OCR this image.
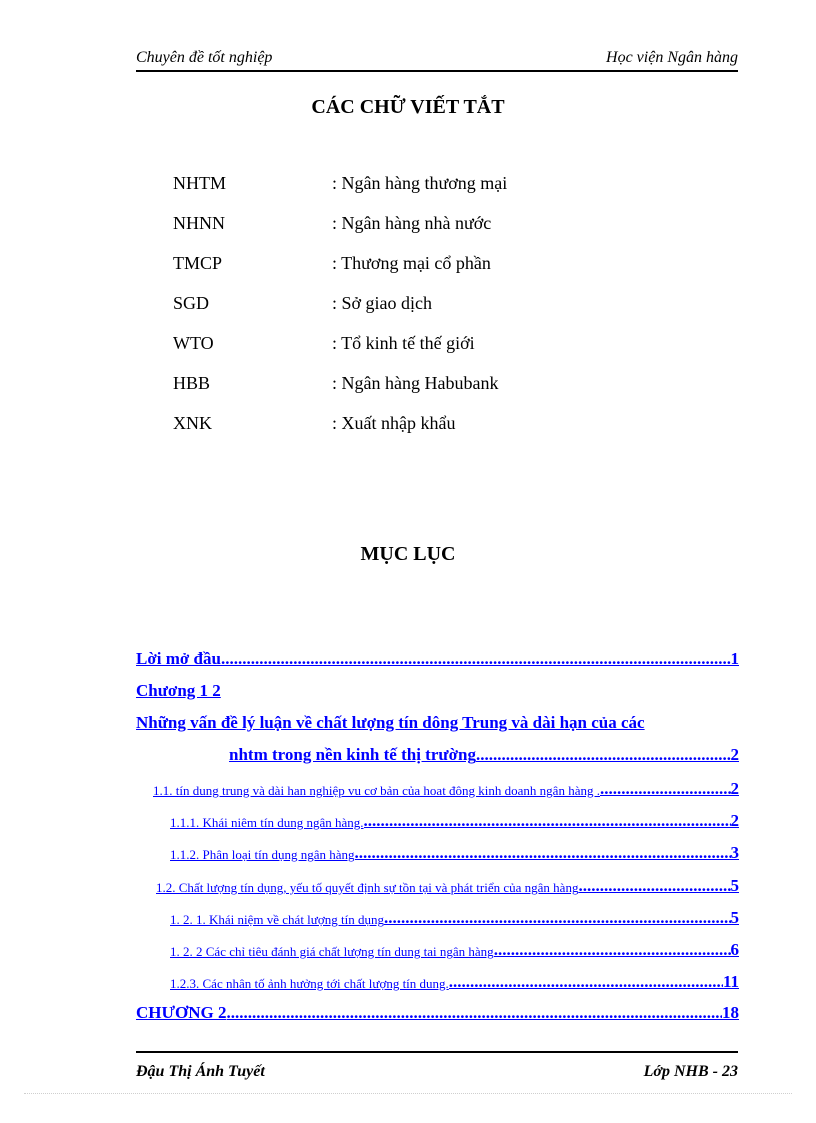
Chuyên đề tốt nghiệp	Học viện Ngân hàng
CÁC CHỮ VIẾT TẮT
NHTM	: Ngân hàng thương mại
NHNN	: Ngân hàng nhà nước
TMCP	: Thương mại cổ phần
SGD	: Sở giao dịch
WTO	: Tổ kinh tế thế giới
HBB	: Ngân hàng Habubank
XNK	: Xuất nhập khẩu
MỤC LỤC
Lời mở đầu .....	1
Chương 1 2
Những vấn đề lý luận về chất lượng tín dông Trung và dài hạn của các
nhtm trong nền kinh tế thị trường .....	2
1.1. tín dung trung và dài han nghiệp vu cơ bản của hoat đông kinh doanh ngân hàng . .....	2
1.1.1. Khái niêm tín dung ngân hàng. .....	2
1.1.2. Phân loại tín dụng ngân hàng .....	3
1.2. Chất lượng tín dụng, yếu tố quyết định sự tồn tại và phát triển của ngân hàng .....	5
1. 2. 1. Khái niệm về chát lượng tín dụng .....	5
1. 2. 2 Các chỉ tiêu đánh giá chất lượng tín dung tai ngân hàng .....	6
1.2.3. Các nhân tố ảnh hưởng tới chất lượng tín dung. .....	11
CHƯƠNG 2 .....	18
Đậu Thị Ánh Tuyết	Lớp NHB - 23
